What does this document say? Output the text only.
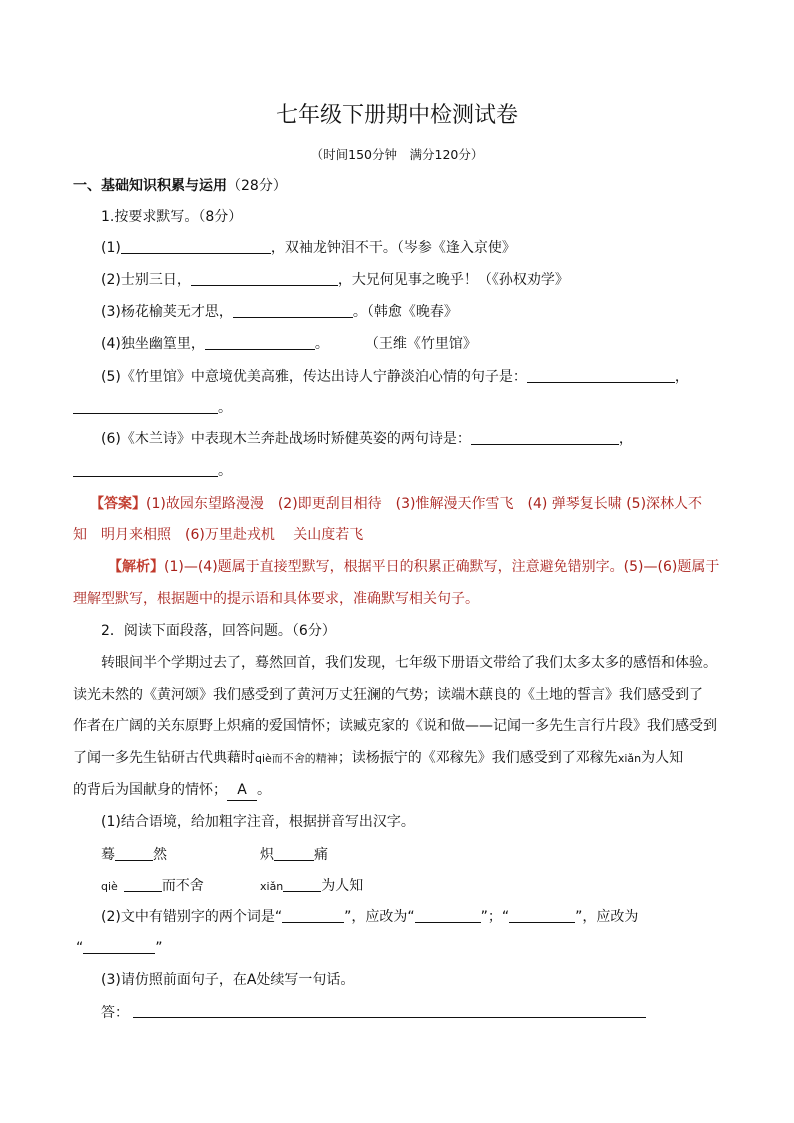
七年级下册期中检测试卷
（时间150分钟　满分120分）
一、基础知识积累与运用（28分）
1.按要求默写。（8分）
(1)	，双袖龙钟泪不干。（岑参《逢入京使》
(2)士别三日，	，大兄何见事之晚乎！（《孙权劝学》
(3)杨花榆荚无才思，	。（韩愈《晚春》
(4)独坐幽篁里，	。	（王维《竹里馆》
(5)《竹里馆》中意境优美高雅，传达出诗人宁静淡泊心情的句子是：	，
。
(6)《木兰诗》中表现木兰奔赴战场时矫健英姿的两句诗是：	，
。
【答案】(1)故园东望路漫漫　(2)即更刮目相待　(3)惟解漫天作雪飞　(4) 弹琴复长啸 (5)深林人不
知　明月来相照　(6)万里赴戎机　 关山度若飞
【解析】(1)—(4)题属于直接型默写，根据平日的积累正确默写，注意避免错别字。(5)—(6)题属于
理解型默写，根据题中的提示语和具体要求，准确默写相关句子。
2．阅读下面段落，回答问题。（6分）
转眼间半个学期过去了，蓦然回首，我们发现，七年级下册语文带给了我们太多太多的感悟和体验。
读光未然的《黄河颂》我们感受到了黄河万丈狂澜的气势；读端木蕻良的《土地的誓言》我们感受到了
作者在广阔的关东原野上炽痛的爱国情怀；读臧克家的《说和做——记闻一多先生言行片段》我们感受到
了闻一多先生钻研古代典藉时qiè而不舍的精神；读杨振宁的《邓稼先》我们感受到了邓稼先xiǎn为人知
的背后为国献身的情怀； A 。
(1)结合语境，给加粗字注音，根据拼音写出汉字。
蓦	然	炽	痛
qiè	而不舍	xiǎn	为人知
(2)文中有错别字的两个词是“	”，应改为“	”；“	”，应改为
“	”
(3)请仿照前面句子，在A处续写一句话。
答：
